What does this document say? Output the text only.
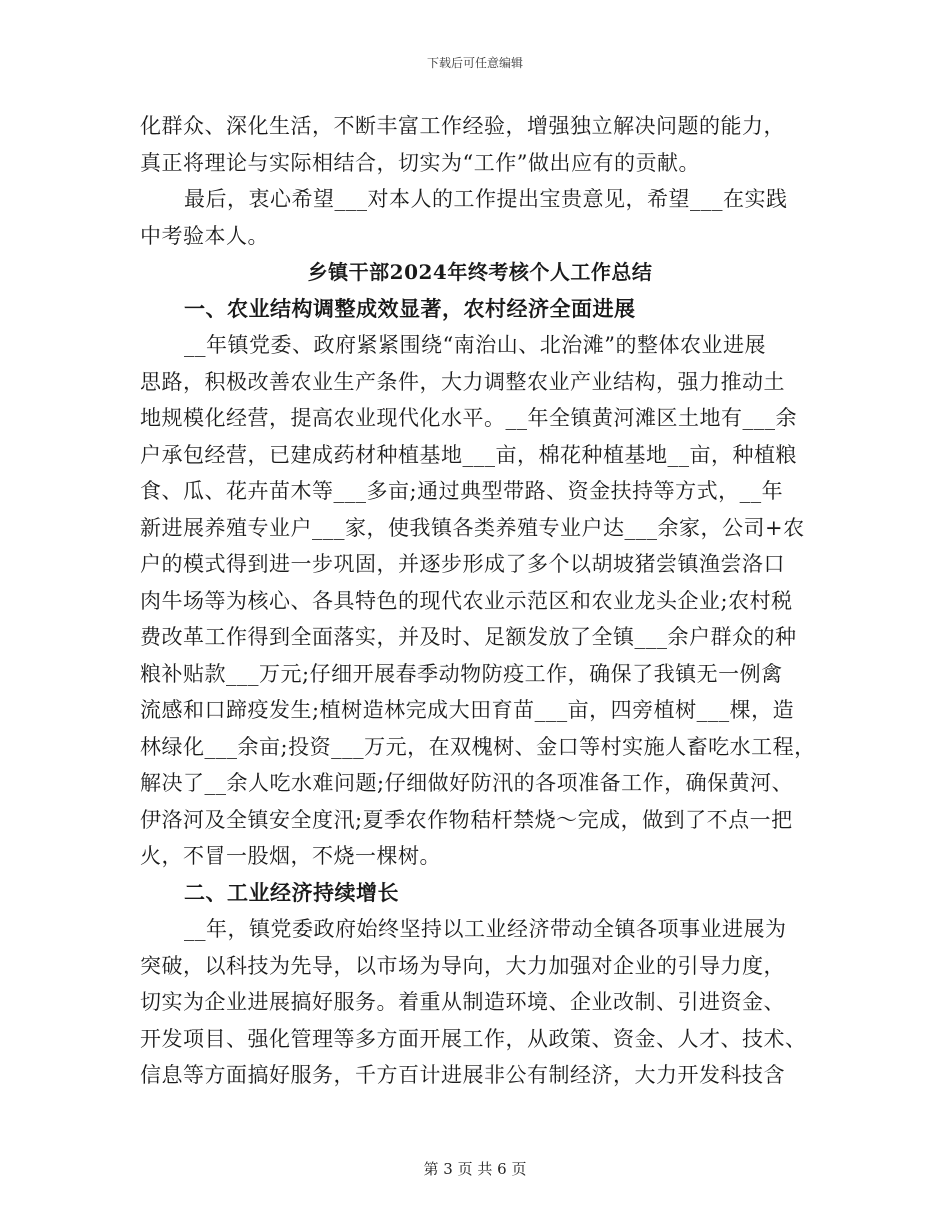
下载后可任意编辑
化群众、深化生活，不断丰富工作经验，增强独立解决问题的能力，
真正将理论与实际相结合，切实为“工作”做出应有的贡献。
最后，衷心希望___对本人的工作提出宝贵意见，希望___在实践
中考验本人。
乡镇干部2024年终考核个人工作总结
一、农业结构调整成效显著，农村经济全面进展
__年镇党委、政府紧紧围绕“南治山、北治滩”的整体农业进展
思路，积极改善农业生产条件，大力调整农业产业结构，强力推动土
地规模化经营，提高农业现代化水平。__年全镇黄河滩区土地有___余
户承包经营，已建成药材种植基地___亩，棉花种植基地__亩，种植粮
食、瓜、花卉苗木等___多亩;通过典型带路、资金扶持等方式，__年
新进展养殖专业户___家，使我镇各类养殖专业户达___余家，公司+农
户的模式得到进一步巩固，并逐步形成了多个以胡坡猪尝镇渔尝洛口
肉牛场等为核心、各具特色的现代农业示范区和农业龙头企业;农村税
费改革工作得到全面落实，并及时、足额发放了全镇___余户群众的种
粮补贴款___万元;仔细开展春季动物防疫工作，确保了我镇无一例禽
流感和口蹄疫发生;植树造林完成大田育苗___亩，四旁植树___棵，造
林绿化___余亩;投资___万元，在双槐树、金口等村实施人畜吃水工程，
解决了__余人吃水难问题;仔细做好防汛的各项准备工作，确保黄河、
伊洛河及全镇安全度汛;夏季农作物秸杆禁烧～完成，做到了不点一把
火，不冒一股烟，不烧一棵树。
二、工业经济持续增长
__年，镇党委政府始终坚持以工业经济带动全镇各项事业进展为
突破，以科技为先导，以市场为导向，大力加强对企业的引导力度，
切实为企业进展搞好服务。着重从制造环境、企业改制、引进资金、
开发项目、强化管理等多方面开展工作，从政策、资金、人才、技术、
信息等方面搞好服务，千方百计进展非公有制经济，大力开发科技含
第 3 页 共 6 页
